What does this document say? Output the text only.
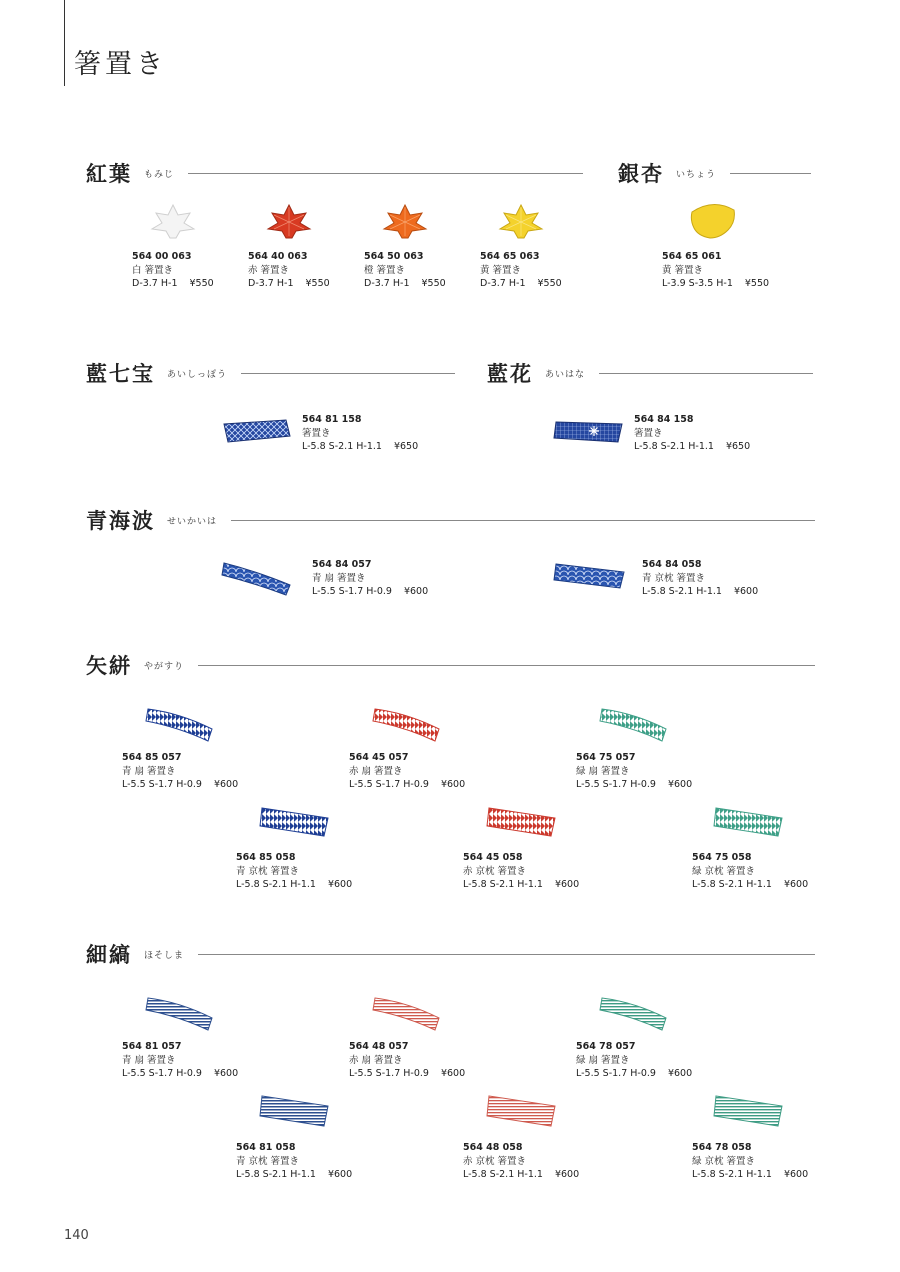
箸置き
紅葉 もみじ	銀杏 いちょう
藍七宝 あいしっぽう	藍花 あいはな
青海波 せいかいは
矢絣 やがすり
細縞 ほそしま
564 00 063
白 箸置き
D-3.7 H-1 ¥550
564 40 063
赤 箸置き
D-3.7 H-1 ¥550
564 50 063
橙 箸置き
D-3.7 H-1 ¥550
564 65 063
黄 箸置き
D-3.7 H-1 ¥550
564 65 061
黄 箸置き
L-3.9 S-3.5 H-1 ¥550
564 81 158
箸置き
L-5.8 S-2.1 H-1.1 ¥650
564 84 158
箸置き
L-5.8 S-2.1 H-1.1 ¥650
564 84 057
青 扇 箸置き
L-5.5 S-1.7 H-0.9 ¥600
564 84 058
青 京枕 箸置き
L-5.8 S-2.1 H-1.1 ¥600
564 85 057
青 扇 箸置き
L-5.5 S-1.7 H-0.9 ¥600
564 45 057
赤 扇 箸置き
L-5.5 S-1.7 H-0.9 ¥600
564 75 057
緑 扇 箸置き
L-5.5 S-1.7 H-0.9 ¥600
564 85 058
青 京枕 箸置き
L-5.8 S-2.1 H-1.1 ¥600
564 45 058
赤 京枕 箸置き
L-5.8 S-2.1 H-1.1 ¥600
564 75 058
緑 京枕 箸置き
L-5.8 S-2.1 H-1.1 ¥600
564 81 057
青 扇 箸置き
L-5.5 S-1.7 H-0.9 ¥600
564 48 057
赤 扇 箸置き
L-5.5 S-1.7 H-0.9 ¥600
564 78 057
緑 扇 箸置き
L-5.5 S-1.7 H-0.9 ¥600
564 81 058
青 京枕 箸置き
L-5.8 S-2.1 H-1.1 ¥600
564 48 058
赤 京枕 箸置き
L-5.8 S-2.1 H-1.1 ¥600
564 78 058
緑 京枕 箸置き
L-5.8 S-2.1 H-1.1 ¥600
140
